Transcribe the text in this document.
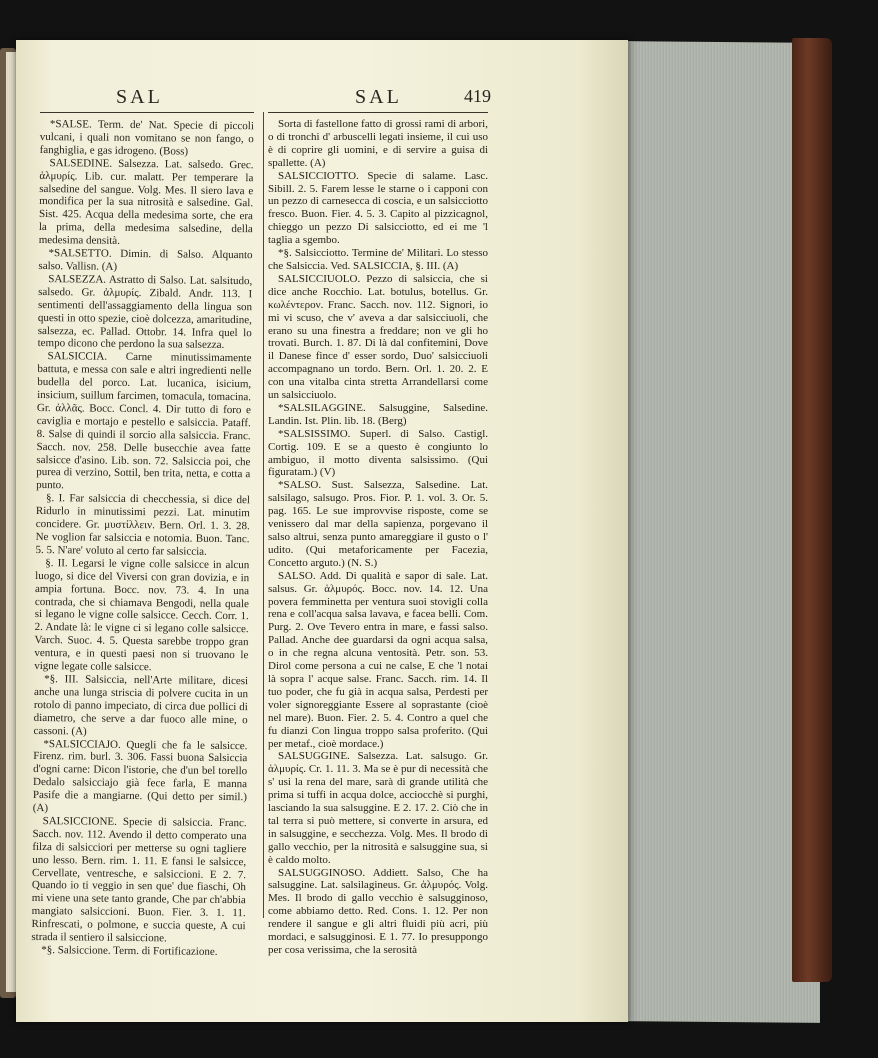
SAL	SAL	419

*SALSE. Term. de' Nat. Specie di piccoli vulcani, i quali non vomitano se non fango, o fanghiglia, e gas idrogeno. (Boss)

SALSEDINE. Salsezza. Lat. salsedo. Grec. ἁλμυρίς. Lib. cur. malatt. Per temperare la salsedine del sangue. Volg. Mes. Il siero lava e mondifica per la sua nitrosità e salsedine. Gal. Sist. 425. Acqua della medesima sorte, che era la prima, della medesima salsedine, della medesima densità.

*SALSETTO. Dimin. di Salso. Alquanto salso. Vallisn. (A)

SALSEZZA. Astratto di Salso. Lat. salsitudo, salsedo. Gr. ἁλμυρίς. Zibald. Andr. 113. I sentimenti dell'assaggiamento della lingua son questi in otto spezie, cioè dolcezza, amaritudine, salsezza, ec. Pallad. Ottobr. 14. Infra quel lo tempo dicono che perdono la sua salsezza.

SALSICCIA. Carne minutissimamente battuta, e messa con sale e altri ingredienti nelle budella del porco. Lat. lucanica, isicium, insicium, suillum farcimen, tomacula, tomacina. Gr. ἀλλᾶς. Bocc. Concl. 4. Dir tutto di foro e caviglia e mortajo e pestello e salsiccia. Pataff. 8. Salse di quindi il sorcio alla salsiccia. Franc. Sacch. nov. 258. Delle busecchie avea fatte salsicce d'asino. Lib. son. 72. Salsiccia poi, che purea di verzino, Sottil, ben trita, netta, e cotta a punto.

§. I. Far salsiccia di checchessia, si dice del Ridurlo in minutissimi pezzi. Lat. minutim concidere. Gr. μυστίλλειν. Bern. Orl. 1. 3. 28. Ne voglion far salsiccia e notomia. Buon. Tanc. 5. 5. N'are' voluto al certo far salsiccia.

§. II. Legarsi le vigne colle salsicce in alcun luogo, si dice del Viversi con gran dovizia, e in ampia fortuna. Bocc. nov. 73. 4. In una contrada, che si chiamava Bengodi, nella quale si legano le vigne colle salsicce. Cecch. Corr. 1. 2. Andate là: le vigne ci si legano colle salsicce. Varch. Suoc. 4. 5. Questa sarebbe troppo gran ventura, e in questi paesi non si truovano le vigne legate colle salsicce.

*§. III. Salsiccia, nell'Arte militare, dicesi anche una lunga striscia di polvere cucita in un rotolo di panno impeciato, di circa due pollici di diametro, che serve a dar fuoco alle mine, o cassoni. (A)

*SALSICCIAJO. Quegli che fa le salsicce. Firenz. rim. burl. 3. 306. Fassi buona Salsiccia d'ogni carne: Dicon l'istorie, che d'un bel torello Dedalo salsicciajo già fece farla, E manna Pasife die a mangiarne. (Qui detto per simil.) (A)

SALSICCIONE. Specie di salsiccia. Franc. Sacch. nov. 112. Avendo il detto comperato una filza di salsicciori per metterse su ogni tagliere uno lesso. Bern. rim. 1. 11. E fansi le salsicce, Cervellate, ventresche, e salsiccioni. E 2. 7. Quando io ti veggio in sen que' due fiaschi, Oh mi viene una sete tanto grande, Che par ch'abbia mangiato salsiccioni. Buon. Fier. 3. 1. 11. Rinfrescati, o polmone, e succia queste, A cui strada il sentiero il salsiccione.

*§. Salsiccione. Term. di Fortificazione.

Sorta di fastellone fatto di grossi rami di arbori, o di tronchi d' arbuscelli legati insieme, il cui uso è di coprire gli uomini, e di servire a guisa di spallette. (A)

SALSICCIOTTO. Specie di salame. Lasc. Sibill. 2. 5. Farem lesse le starne o i capponi con un pezzo di carnesecca di coscia, e un salsicciotto fresco. Buon. Fier. 4. 5. 3. Capito al pizzicagnol, chieggo un pezzo Di salsicciotto, ed ei me 'l taglia a sgembo.

*§. Salsicciotto. Termine de' Militari. Lo stesso che Salsiccia. Ved. SALSICCIA, §. III. (A)

SALSICCIUOLO. Pezzo di salsiccia, che si dice anche Rocchio. Lat. botulus, botellus. Gr. κωλέντερον. Franc. Sacch. nov. 112. Signori, io mi vi scuso, che v' aveva a dar salsicciuoli, che erano su una finestra a freddare; non ve gli ho trovati. Burch. 1. 87. Di là dal confitemini, Dove il Danese fince d' esser sordo, Duo' salsicciuoli accompagnano un tordo. Bern. Orl. 1. 20. 2. E con una vitalba cinta stretta Arrandellarsi come un salsicciuolo.

*SALSILAGGINE. Salsuggine, Salsedine. Landin. Ist. Plin. lib. 18. (Berg)

*SALSISSIMO. Superl. di Salso. Castigl. Cortig. 109. E se a questo è congiunto lo ambiguo, il motto diventa salsissimo. (Qui figuratam.) (V)

*SALSO. Sust. Salsezza, Salsedine. Lat. salsilago, salsugo. Pros. Fior. P. 1. vol. 3. Or. 5. pag. 165. Le sue improvvise risposte, come se venissero dal mar della sapienza, porgevano il salso altrui, senza punto amareggiare il gusto o l' udito. (Qui metaforicamente per Facezia, Concetto arguto.) (N. S.)

SALSO. Add. Di qualità e sapor di sale. Lat. salsus. Gr. ἁλμυρός. Bocc. nov. 14. 12. Una povera femminetta per ventura suoi stovigli colla rena e coll'acqua salsa lavava, e facea belli. Com. Purg. 2. Ove Tevero entra in mare, e fassi salso. Pallad. Anche dee guardarsi da ogni acqua salsa, o in che regna alcuna ventosità. Petr. son. 53. Dirol come persona a cui ne calse, E che 'l notai là sopra l' acque salse. Franc. Sacch. rim. 14. Il tuo poder, che fu già in acqua salsa, Perdesti per voler signoreggiante Essere al soprastante (cioè nel mare). Buon. Fier. 2. 5. 4. Contro a quel che fu dianzi Con lingua troppo salsa proferito. (Qui per metaf., cioè mordace.)

SALSUGGINE. Salsezza. Lat. salsugo. Gr. ἁλμυρίς. Cr. 1. 11. 3. Ma se è pur di necessità che s' usi la rena del mare, sarà di grande utilità che prima si tuffi in acqua dolce, acciocchè si purghi, lasciando la sua salsuggine. E 2. 17. 2. Ciò che in tal terra si può mettere, si converte in arsura, ed in salsuggine, e secchezza. Volg. Mes. Il brodo di gallo vecchio, per la nitrosità e salsuggine sua, si è caldo molto.

SALSUGGINOSO. Addiett. Salso, Che ha salsuggine. Lat. salsilagineus. Gr. ἁλμυρός. Volg. Mes. Il brodo di gallo vecchio è salsugginoso, come abbiamo detto. Red. Cons. 1. 12. Per non rendere il sangue e gli altri fluidi più acri, più mordaci, e salsugginosi. E 1. 77. Io presuppongo per cosa verissima, che la serosità
